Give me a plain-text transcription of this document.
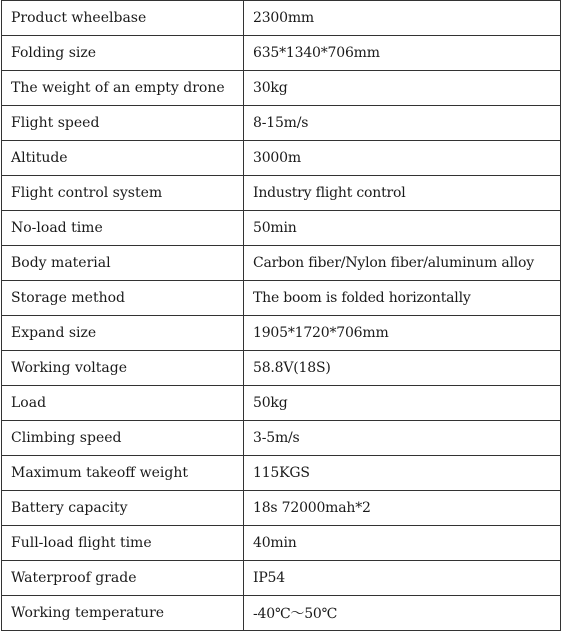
Product wheelbase	2300mm
Folding size	635*1340*706mm
The weight of an empty drone	30kg
Flight speed	8-15m/s
Altitude	3000m
Flight control system	Industry flight control
No-load time	50min
Body material	Carbon fiber/Nylon fiber/aluminum alloy
Storage method	The boom is folded horizontally
Expand size	1905*1720*706mm
Working voltage	58.8V(18S)
Load	50kg
Climbing speed	3-5m/s
Maximum takeoff weight	115KGS
Battery capacity	18s 72000mah*2
Full-load flight time	40min
Waterproof grade	IP54
Working temperature	-40℃～50℃
